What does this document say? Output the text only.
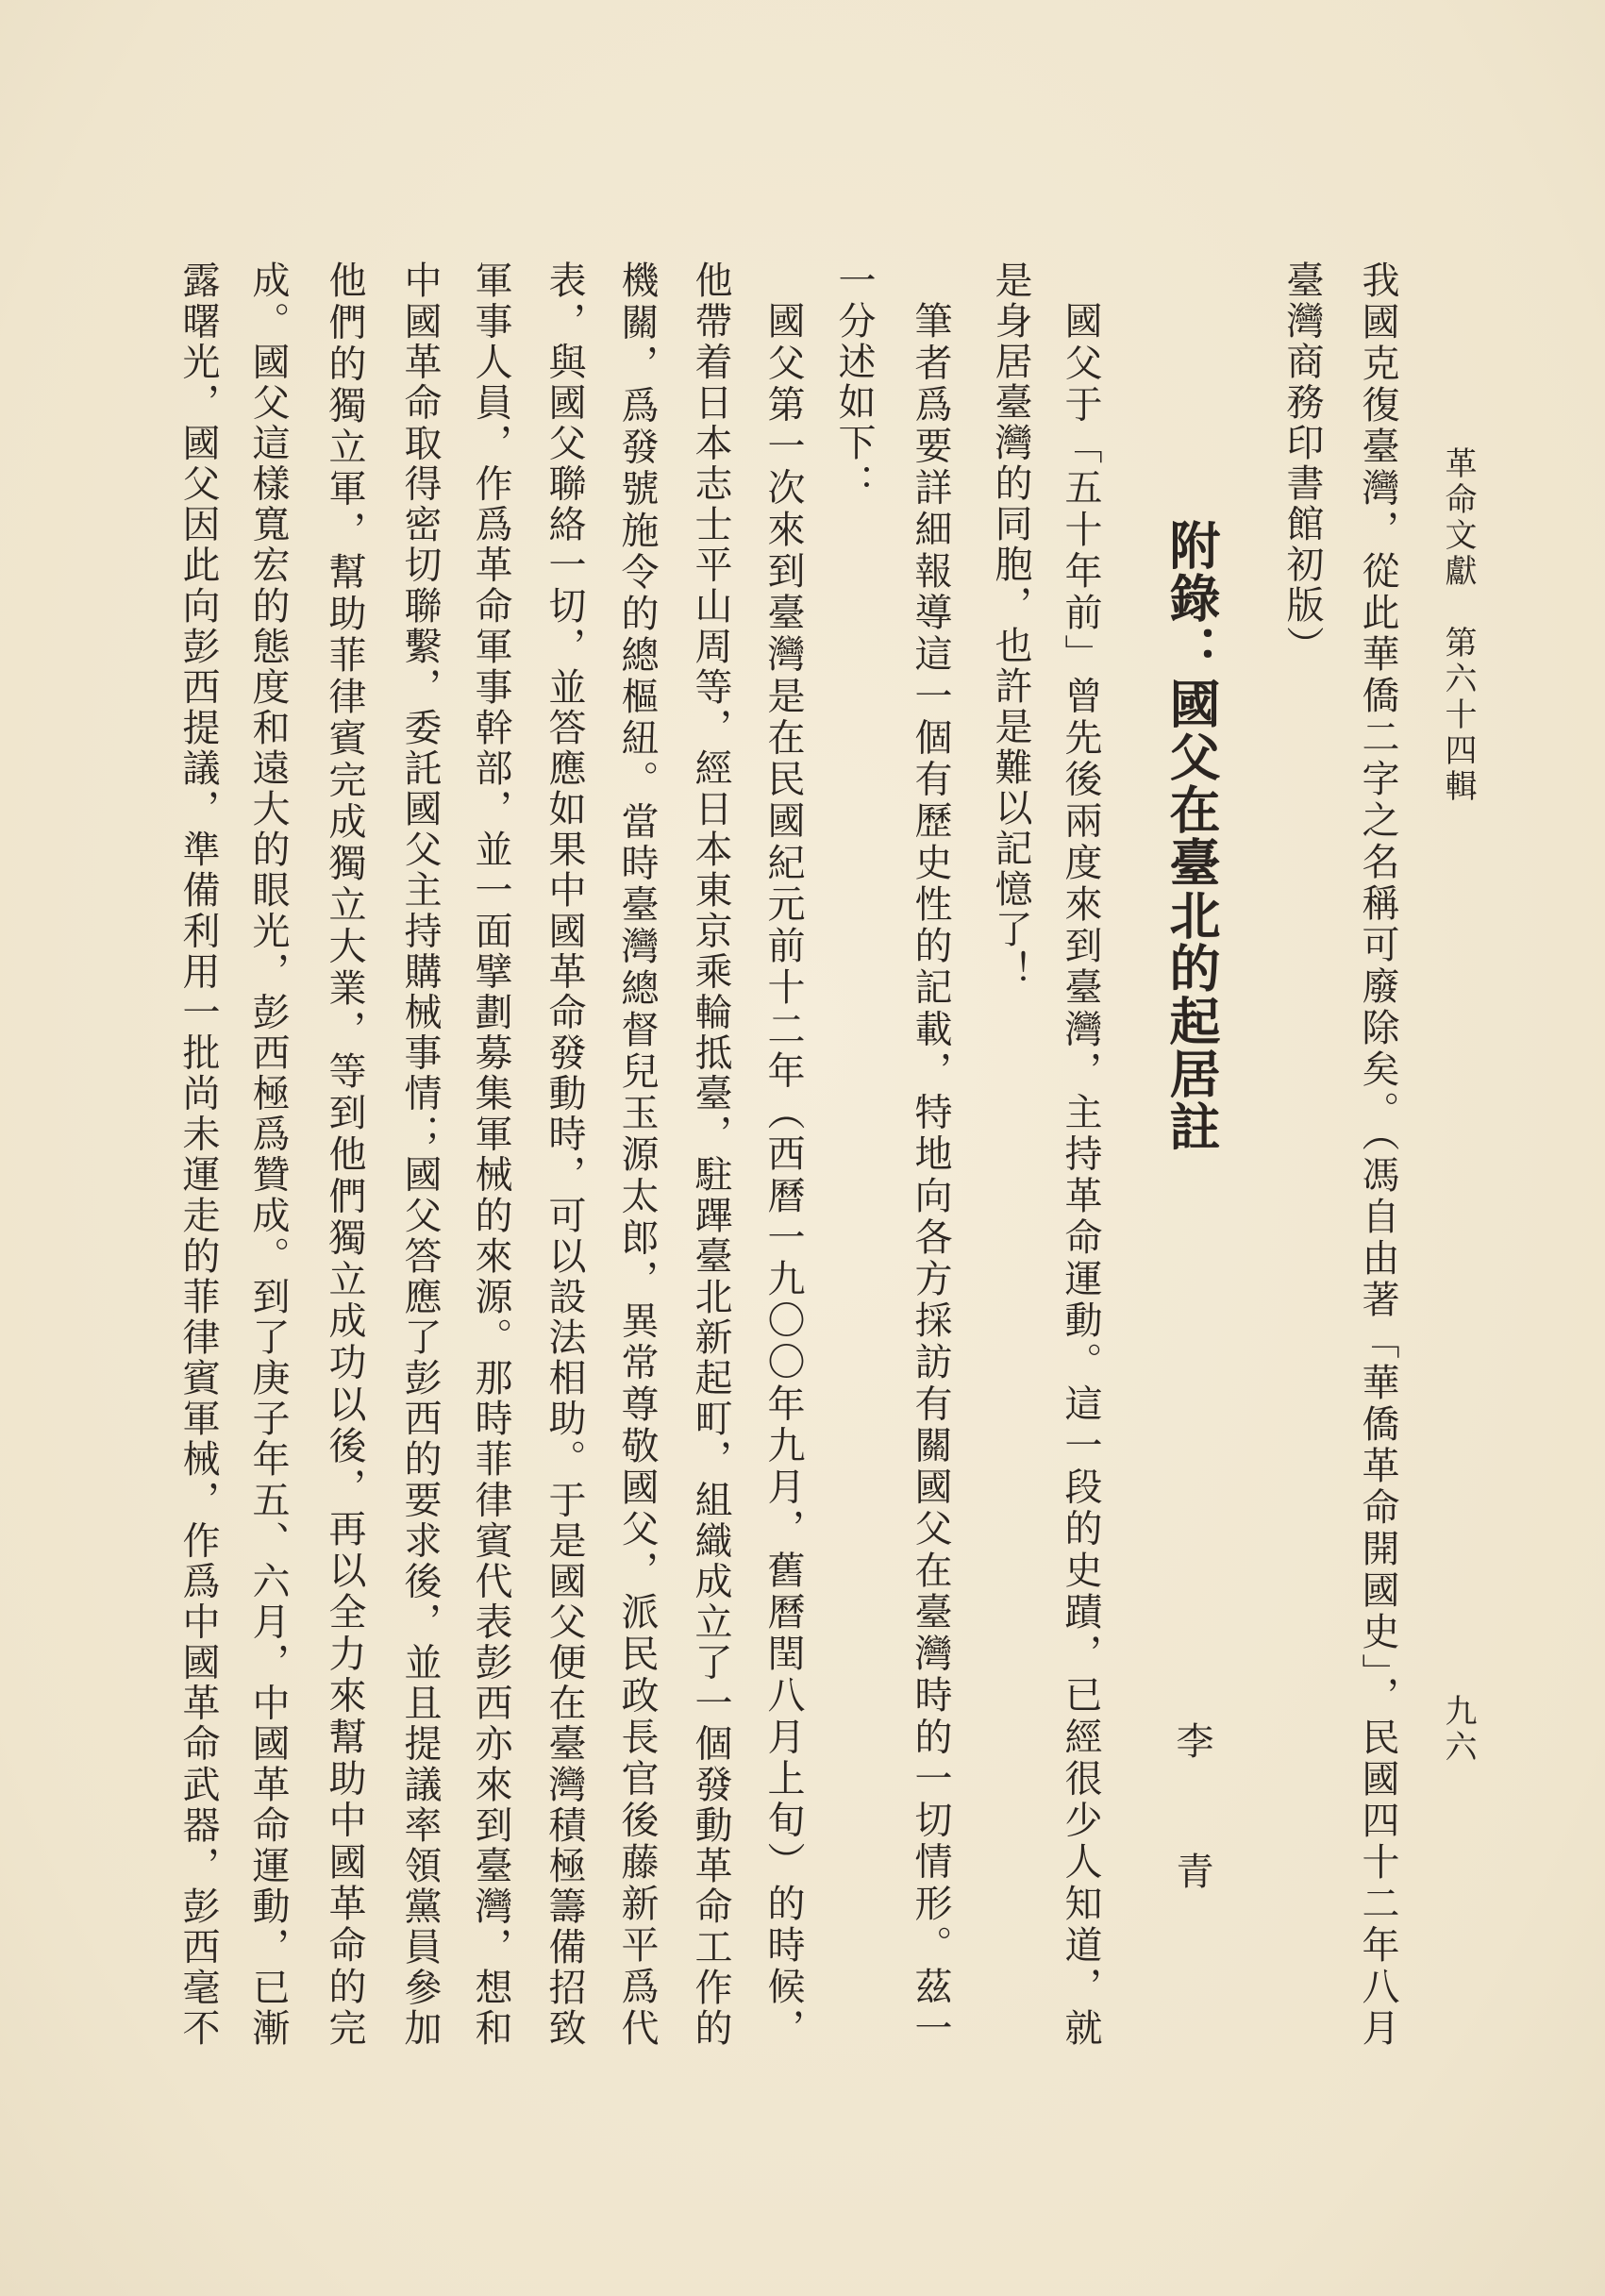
革命文獻　第六十四輯
九六
我國克復臺灣，從此華僑二字之名稱可廢除矣。（馮自由著「華僑革命開國史」，民國四十二年八月
臺灣商務印書館初版）
附錄：國父在臺北的起居註
李
青
國父于「五十年前」曾先後兩度來到臺灣，主持革命運動。這一段的史蹟，已經很少人知道，就
是身居臺灣的同胞，也許是難以記憶了！
筆者爲要詳細報導這一個有歷史性的記載，特地向各方採訪有關國父在臺灣時的一切情形。茲一
一分述如下：
國父第一次來到臺灣是在民國紀元前十二年（西曆一九〇〇年九月，舊曆閏八月上旬）的時候，
他帶着日本志士平山周等，經日本東京乘輪抵臺，駐蹕臺北新起町，組織成立了一個發動革命工作的
機關，爲發號施令的總樞紐。當時臺灣總督兒玉源太郎，異常尊敬國父，派民政長官後藤新平爲代
表，與國父聯絡一切，並答應如果中國革命發動時，可以設法相助。于是國父便在臺灣積極籌備招致
軍事人員，作爲革命軍事幹部，並一面擘劃募集軍械的來源。那時菲律賓代表彭西亦來到臺灣，想和
中國革命取得密切聯繫，委託國父主持購械事情；國父答應了彭西的要求後，並且提議率領黨員參加
他們的獨立軍，幫助菲律賓完成獨立大業，等到他們獨立成功以後，再以全力來幫助中國革命的完
成。國父這樣寬宏的態度和遠大的眼光，彭西極爲贊成。到了庚子年五、六月，中國革命運動，已漸
露曙光，國父因此向彭西提議，準備利用一批尚未運走的菲律賓軍械，作爲中國革命武器，彭西毫不
